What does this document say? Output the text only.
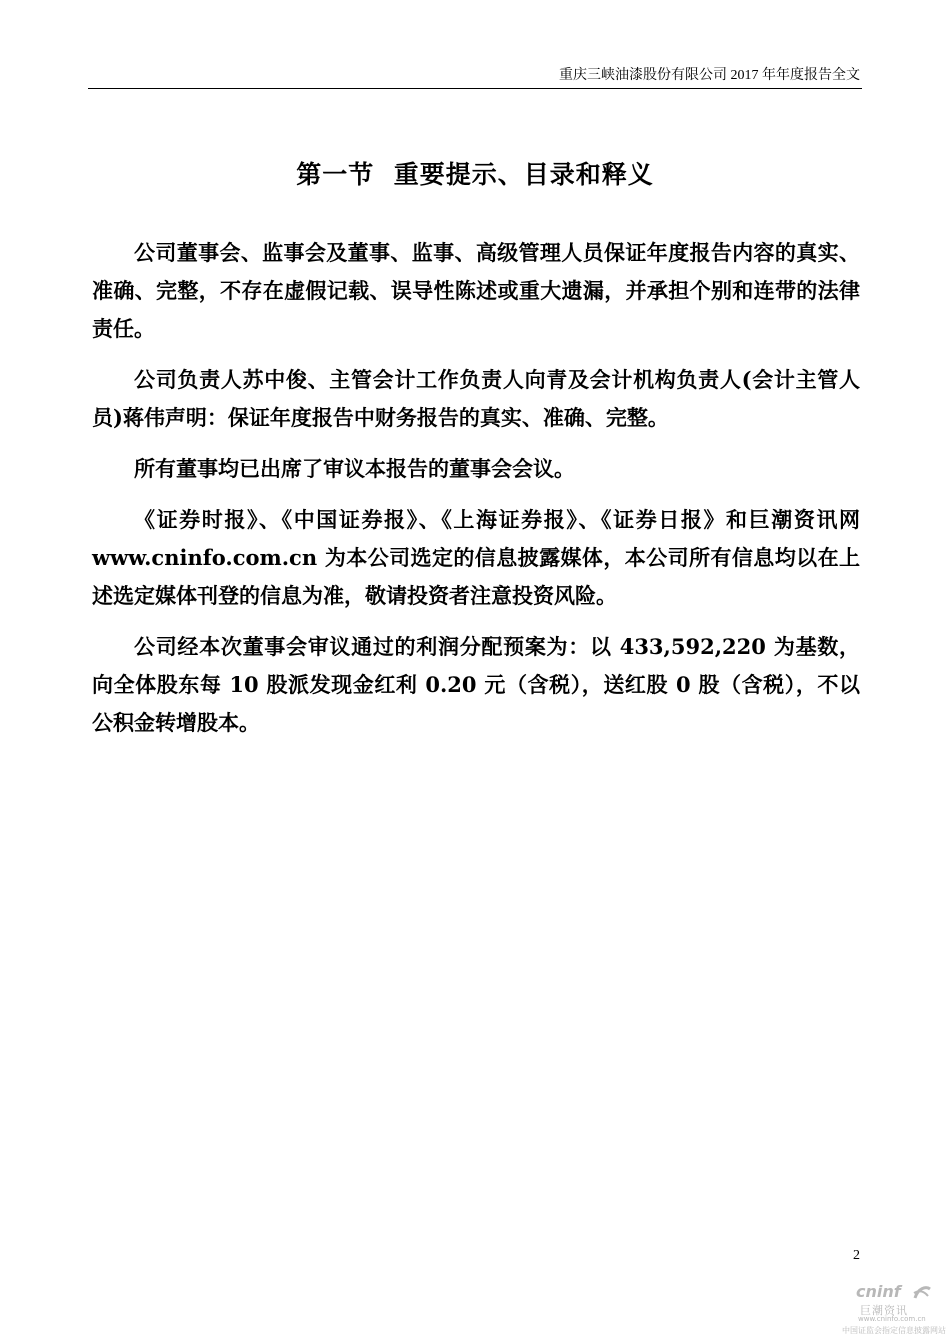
重庆三峡油漆股份有限公司 2017 年年度报告全文
第一节  重要提示、目录和释义

公司董事会、监事会及董事、监事、高级管理人员保证年度报告内容的真实、准确、完整，不存在虚假记载、误导性陈述或重大遗漏，并承担个别和连带的法律责任。

公司负责人苏中俊、主管会计工作负责人向青及会计机构负责人(会计主管人员)蒋伟声明：保证年度报告中财务报告的真实、准确、完整。

所有董事均已出席了审议本报告的董事会会议。

《证券时报》、《中国证券报》、《上海证券报》、《证券日报》和巨潮资讯网 www.cninfo.com.cn 为本公司选定的信息披露媒体，本公司所有信息均以在上述选定媒体刊登的信息为准，敬请投资者注意投资风险。

公司经本次董事会审议通过的利润分配预案为：以 433,592,220 为基数，向全体股东每 10 股派发现金红利 0.20 元（含税），送红股 0 股（含税），不以公积金转增股本。

2
cninf
巨潮资讯
www.cninfo.com.cn
中国证监会指定信息披露网站
